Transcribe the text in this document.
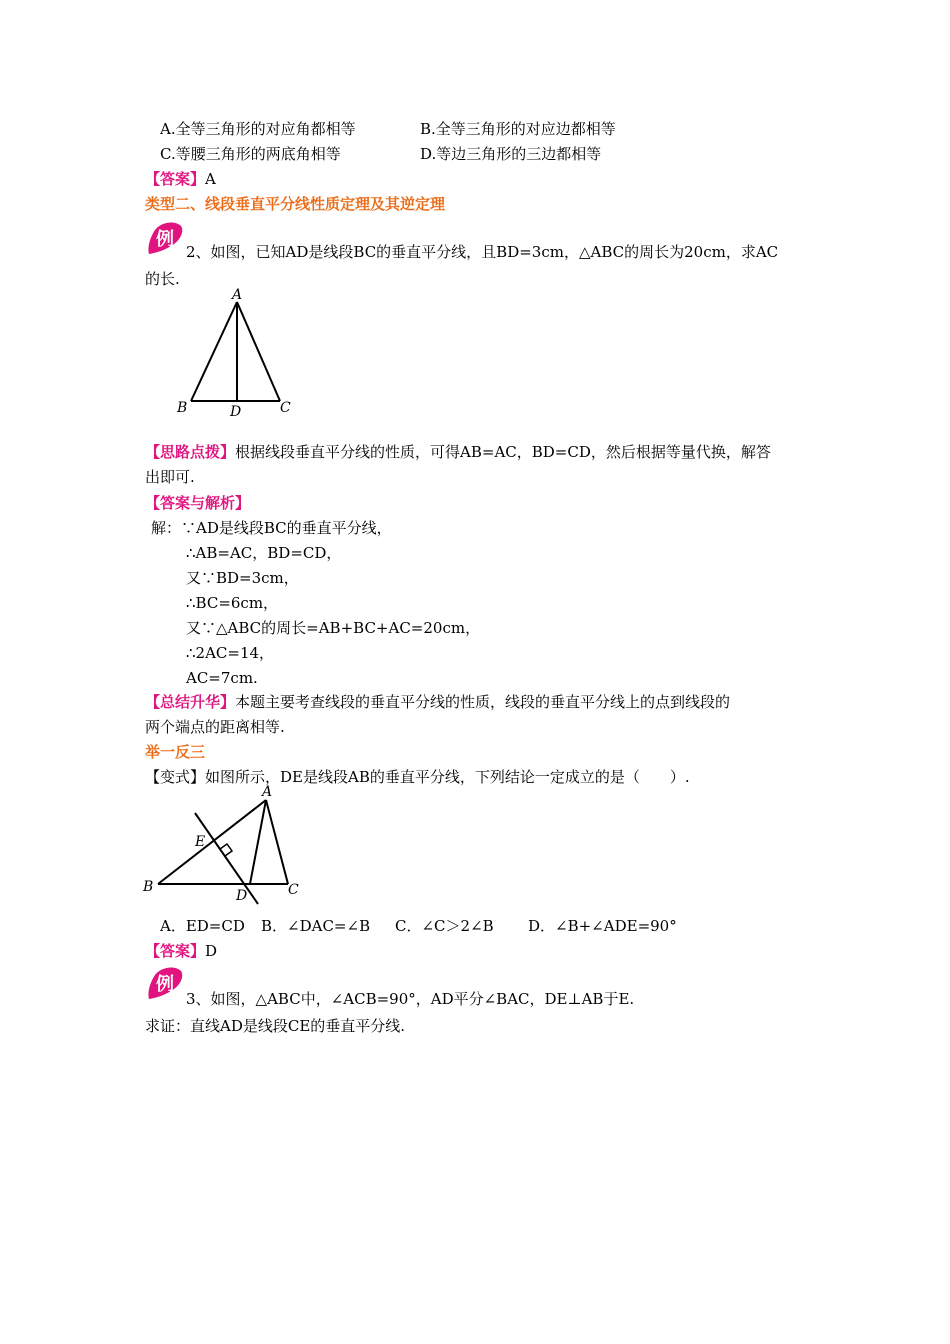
A.全等三角形的对应角都相等	B.全等三角形的对应边都相等
C.等腰三角形的两底角相等	D.等边三角形的三边都相等
【答案】A
类型二、线段垂直平分线性质定理及其逆定理
例
2、如图，已知AD是线段BC的垂直平分线，且BD=3cm，△ABC的周长为20cm，求AC
的长.
A
B	C
D
【思路点拨】根据线段垂直平分线的性质，可得AB=AC，BD=CD，然后根据等量代换，解答
出即可.
【答案与解析】
解：∵AD是线段BC的垂直平分线，
∴AB=AC，BD=CD，
又∵BD=3cm，
∴BC=6cm，
又∵△ABC的周长=AB+BC+AC=20cm，
∴2AC=14，
AC=7cm.
【总结升华】本题主要考查线段的垂直平分线的性质，线段的垂直平分线上的点到线段的
两个端点的距离相等.
举一反三
【变式】如图所示，DE是线段AB的垂直平分线，下列结论一定成立的是（　　）.
A
B	C
D
E
A．ED=CD B．∠DAC=∠B C．∠C＞2∠B D．∠B+∠ADE=90°
【答案】D
例
3、如图，△ABC中，∠ACB=90°，AD平分∠BAC，DE⊥AB于E.
求证：直线AD是线段CE的垂直平分线.
